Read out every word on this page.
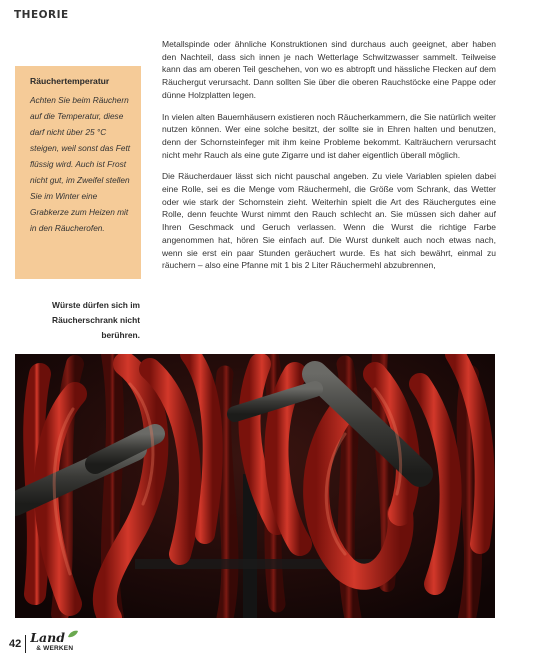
THEORIE
Räuchertemperatur
Achten Sie beim Räuchern auf die Temperatur, diese darf nicht über 25 °C steigen, weil sonst das Fett flüssig wird. Auch ist Frost nicht gut, im Zweifel stellen Sie im Winter eine Grabkerze zum Heizen mit in den Räucherofen.
Würste dürfen sich im Räucherschrank nicht berühren.

Metallspinde oder ähnliche Konstruktionen sind durchaus auch geeignet, aber haben den Nachteil, dass sich innen je nach Wetterlage Schwitzwasser sammelt. Teilweise kann das am oberen Teil geschehen, von wo es abtropft und hässliche Flecken auf dem Räuchergut verursacht. Dann sollten Sie über die oberen Rauchstöcke eine Pappe oder dünne Holzplatten legen.

In vielen alten Bauernhäusern existieren noch Räucherkammern, die Sie natürlich weiter nutzen können. Wer eine solche besitzt, der sollte sie in Ehren halten und benutzen, denn der Schornsteinfeger mit ihm keine Probleme bekommt. Kalträuchern verursacht nicht mehr Rauch als eine gute Zigarre und ist daher eigentlich überall möglich.

Die Räucherdauer lässt sich nicht pauschal angeben. Zu viele Variablen spielen dabei eine Rolle, sei es die Menge vom Räuchermehl, die Größe vom Schrank, das Wetter oder wie stark der Schornstein zieht. Weiterhin spielt die Art des Räuchergutes eine Rolle, denn feuchte Wurst nimmt den Rauch schlecht an. Sie müssen sich daher auf Ihren Geschmack und Geruch verlassen. Wenn die Wurst die richtige Farbe angenommen hat, hören Sie einfach auf. Die Wurst dunkelt auch noch etwas nach, wenn sie erst ein paar Stunden geräuchert wurde. Es hat sich bewährt, einmal zu räuchern – also eine Pfanne mit 1 bis 2 Liter Räuchermehl abzubrennen,

42 Land
& WERKEN
